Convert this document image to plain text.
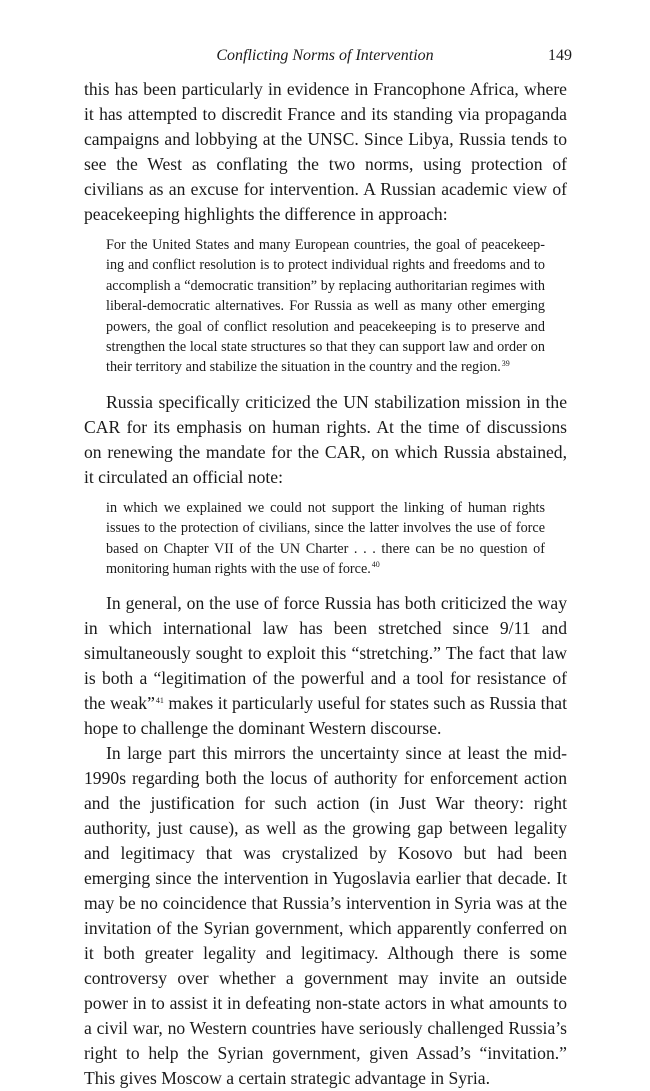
Conflicting Norms of Intervention	149

this has been particularly in evidence in Francophone Africa, where it has attempted to discredit France and its standing via propaganda campaigns and lobbying at the UNSC. Since Libya, Russia tends to see the West as conflating the two norms, using protection of civilians as an excuse for intervention. A Russian academic view of peacekeeping highlights the difference in approach:

For the United States and many European countries, the goal of peacekeeping and conflict resolution is to protect individual rights and freedoms and to accomplish a “democratic transition” by replacing authoritarian regimes with liberal-democratic alternatives. For Russia as well as many other emerging powers, the goal of conflict resolution and peacekeeping is to preserve and strengthen the local state structures so that they can support law and order on their territory and stabilize the situation in the country and the region.$^{39}$

Russia specifically criticized the UN stabilization mission in the CAR for its emphasis on human rights. At the time of discussions on renewing the mandate for the CAR, on which Russia abstained, it circulated an official note:

in which we explained we could not support the linking of human rights issues to the protection of civilians, since the latter involves the use of force based on Chapter VII of the UN Charter . . . there can be no question of monitoring human rights with the use of force.$^{40}$

In general, on the use of force Russia has both criticized the way in which international law has been stretched since 9/11 and simultaneously sought to exploit this “stretching.” The fact that law is both a “legitimation of the powerful and a tool for resistance of the weak”$^{41}$ makes it particularly useful for states such as Russia that hope to challenge the dominant Western discourse.

In large part this mirrors the uncertainty since at least the mid-1990s regarding both the locus of authority for enforcement action and the justification for such action (in Just War theory: right authority, just cause), as well as the growing gap between legality and legitimacy that was crystalized by Kosovo but had been emerging since the intervention in Yugoslavia earlier that decade. It may be no coincidence that Russia’s intervention in Syria was at the invitation of the Syrian government, which apparently conferred on it both greater legality and legitimacy. Although there is some controversy over whether a government may invite an outside power in to assist it in defeating non-state actors in what amounts to a civil war, no Western countries have seriously challenged Russia’s right to help the Syrian government, given Assad’s “invitation.” This gives Moscow a certain strategic advantage in Syria.
